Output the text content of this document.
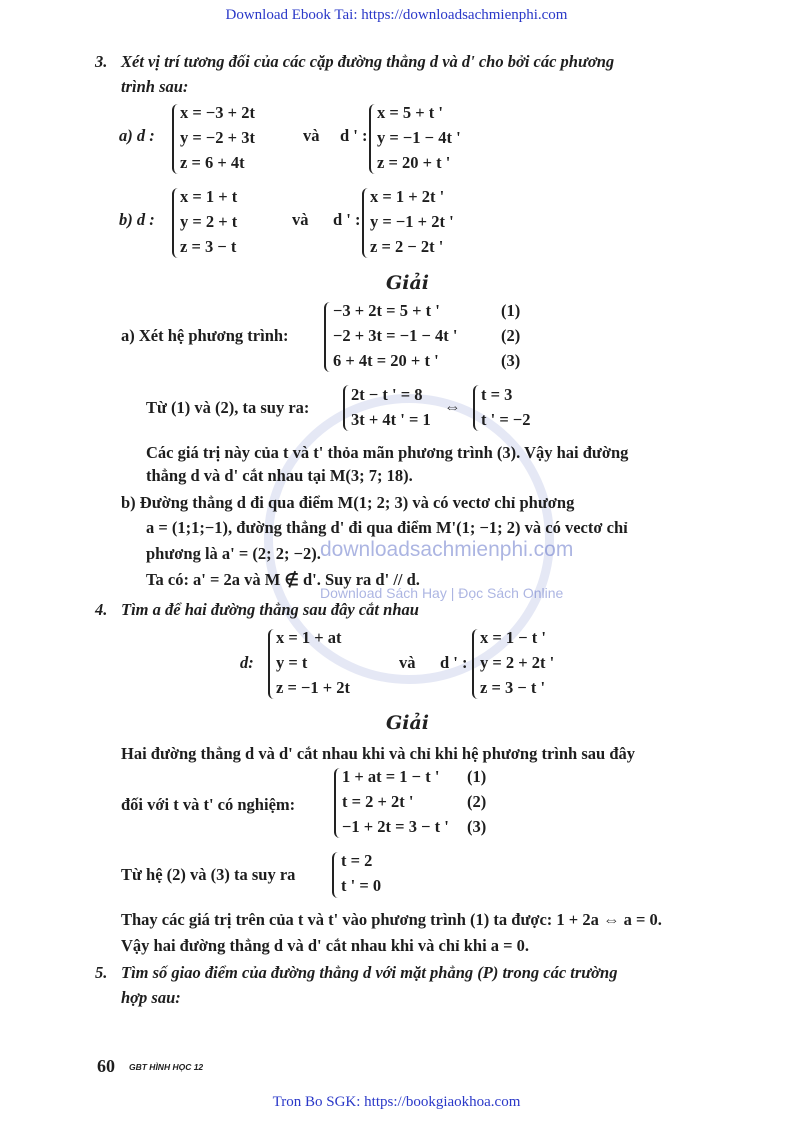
Download Ebook Tai: https://downloadsachmienphi.com
downloadsachmienphi.com
Download Sách Hay | Đọc Sách Online
3. Xét vị trí tương đối của các cặp đường thẳng d và d' cho bởi các phương
trình sau:
a) d :
x = −3 + 2t
y = −2 + 3t
z = 6 + 4t
và d ' :
x = 5 + t '
y = −1 − 4t '
z = 20 + t '
b) d :
x = 1 + t
y = 2 + t
z = 3 − t
và d ' :
x = 1 + 2t '
y = −1 + 2t '
z = 2 − 2t '
Giải
a) Xét hệ phương trình:
−3 + 2t = 5 + t '
−2 + 3t = −1 − 4t '
6 + 4t = 20 + t '
(1)
(2)
(3)
Từ (1) và (2), ta suy ra:
2t − t ' = 8
3t + 4t ' = 1
⇔
t = 3
t ' = −2
Các giá trị này của t và t' thỏa mãn phương trình (3). Vậy hai đường
thẳng d và d' cắt nhau tại M(3; 7; 18).
b) Đường thẳng d đi qua điểm M(1; 2; 3) và có vectơ chỉ phương
a = (1;1;−1), đường thẳng d' đi qua điểm M'(1; −1; 2) và có vectơ chỉ
phương là a' = (2; 2; −2).
Ta có: a' = 2a và M ∉ d'. Suy ra d' // d.
4. Tìm a để hai đường thẳng sau đây cắt nhau
d:
x = 1 + at
y = t
z = −1 + 2t
và d ' :
x = 1 − t '
y = 2 + 2t '
z = 3 − t '
Giải
Hai đường thẳng d và d' cắt nhau khi và chỉ khi hệ phương trình sau đây
đối với t và t' có nghiệm:
1 + at = 1 − t '
t = 2 + 2t '
−1 + 2t = 3 − t '
(1)
(2)
(3)
Từ hệ (2) và (3) ta suy ra
t = 2
t ' = 0
Thay các giá trị trên của t và t' vào phương trình (1) ta được: 1 + 2a ⇔ a = 0.
Vậy hai đường thẳng d và d' cắt nhau khi và chỉ khi a = 0.
5. Tìm số giao điểm của đường thẳng d với mặt phẳng (P) trong các trường
hợp sau:
60 GBT HÌNH HỌC 12
Tron Bo SGK: https://bookgiaokhoa.com
